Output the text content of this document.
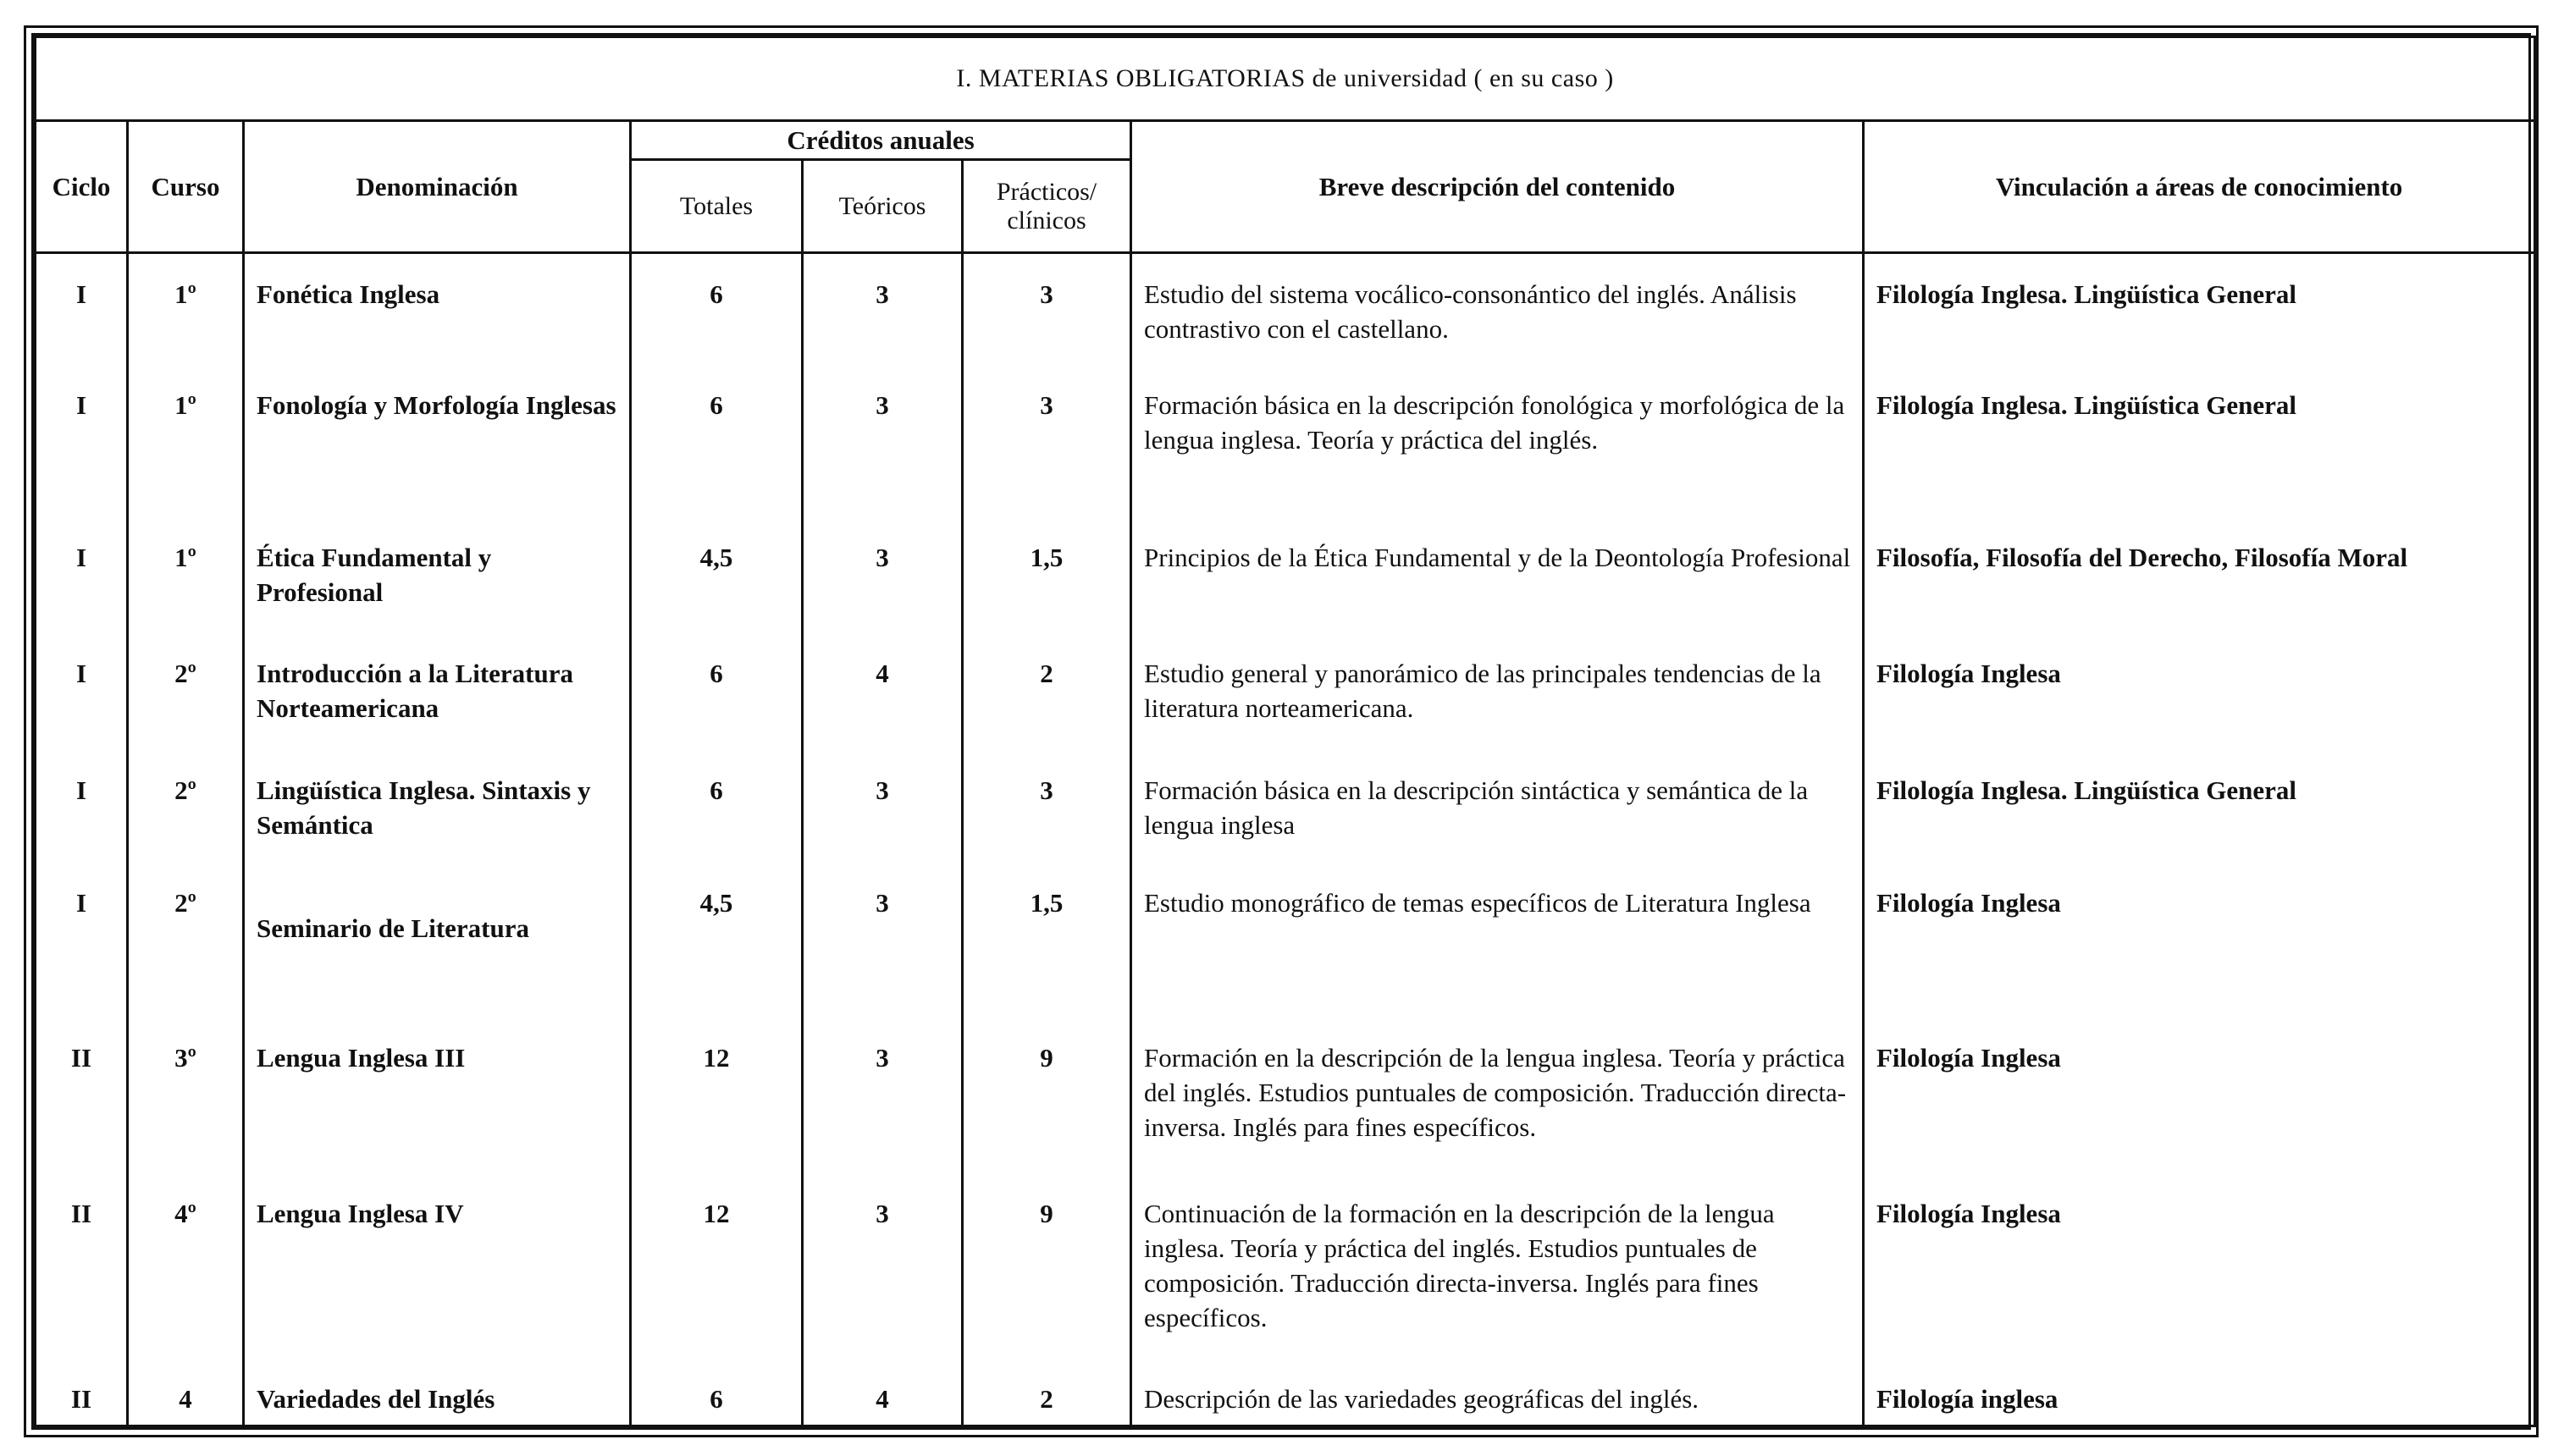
I. MATERIAS OBLIGATORIAS de universidad ( en su caso )							
Ciclo	Curso	Denominación	Créditos anuales			Breve descripción del contenido	Vinculación a áreas de conocimiento
			Totales	Teóricos	Prácticos/ clínicos		
I	1º	Fonética Inglesa	6	3	3	Estudio del sistema vocálico-consonántico del inglés. Análisis contrastivo con el castellano.	Filología Inglesa. Lingüística General
I	1º	Fonología y Morfología Inglesas	6	3	3	Formación básica en la descripción fonológica y morfológica de la lengua inglesa. Teoría y práctica del inglés.	Filología Inglesa. Lingüística General
I	1º	Ética Fundamental y Profesional	4,5	3	1,5	Principios de la Ética Fundamental y de la Deontología Profesional	Filosofía, Filosofía del Derecho, Filosofía Moral
I	2º	Introducción a la Literatura Norteamericana	6	4	2	Estudio general y panorámico de las principales tendencias de la literatura norteamericana.	Filología Inglesa
I	2º	Lingüística Inglesa. Sintaxis y Semántica	6	3	3	Formación básica en la descripción sintáctica y semántica de la lengua inglesa	Filología Inglesa. Lingüística General
I	2º	Seminario de Literatura	4,5	3	1,5	Estudio monográfico de temas específicos de Literatura Inglesa	Filología Inglesa
II	3º	Lengua Inglesa III	12	3	9	Formación en la descripción de la lengua inglesa. Teoría y práctica del inglés. Estudios puntuales de composición. Traducción directa-inversa. Inglés para fines específicos.	Filología Inglesa
II	4º	Lengua Inglesa IV	12	3	9	Continuación de la formación en la descripción de la lengua inglesa. Teoría y práctica del inglés. Estudios puntuales de composición. Traducción directa-inversa. Inglés para fines específicos.	Filología Inglesa
II	4	Variedades del Inglés	6	4	2	Descripción de las variedades geográficas del inglés.	Filología inglesa
